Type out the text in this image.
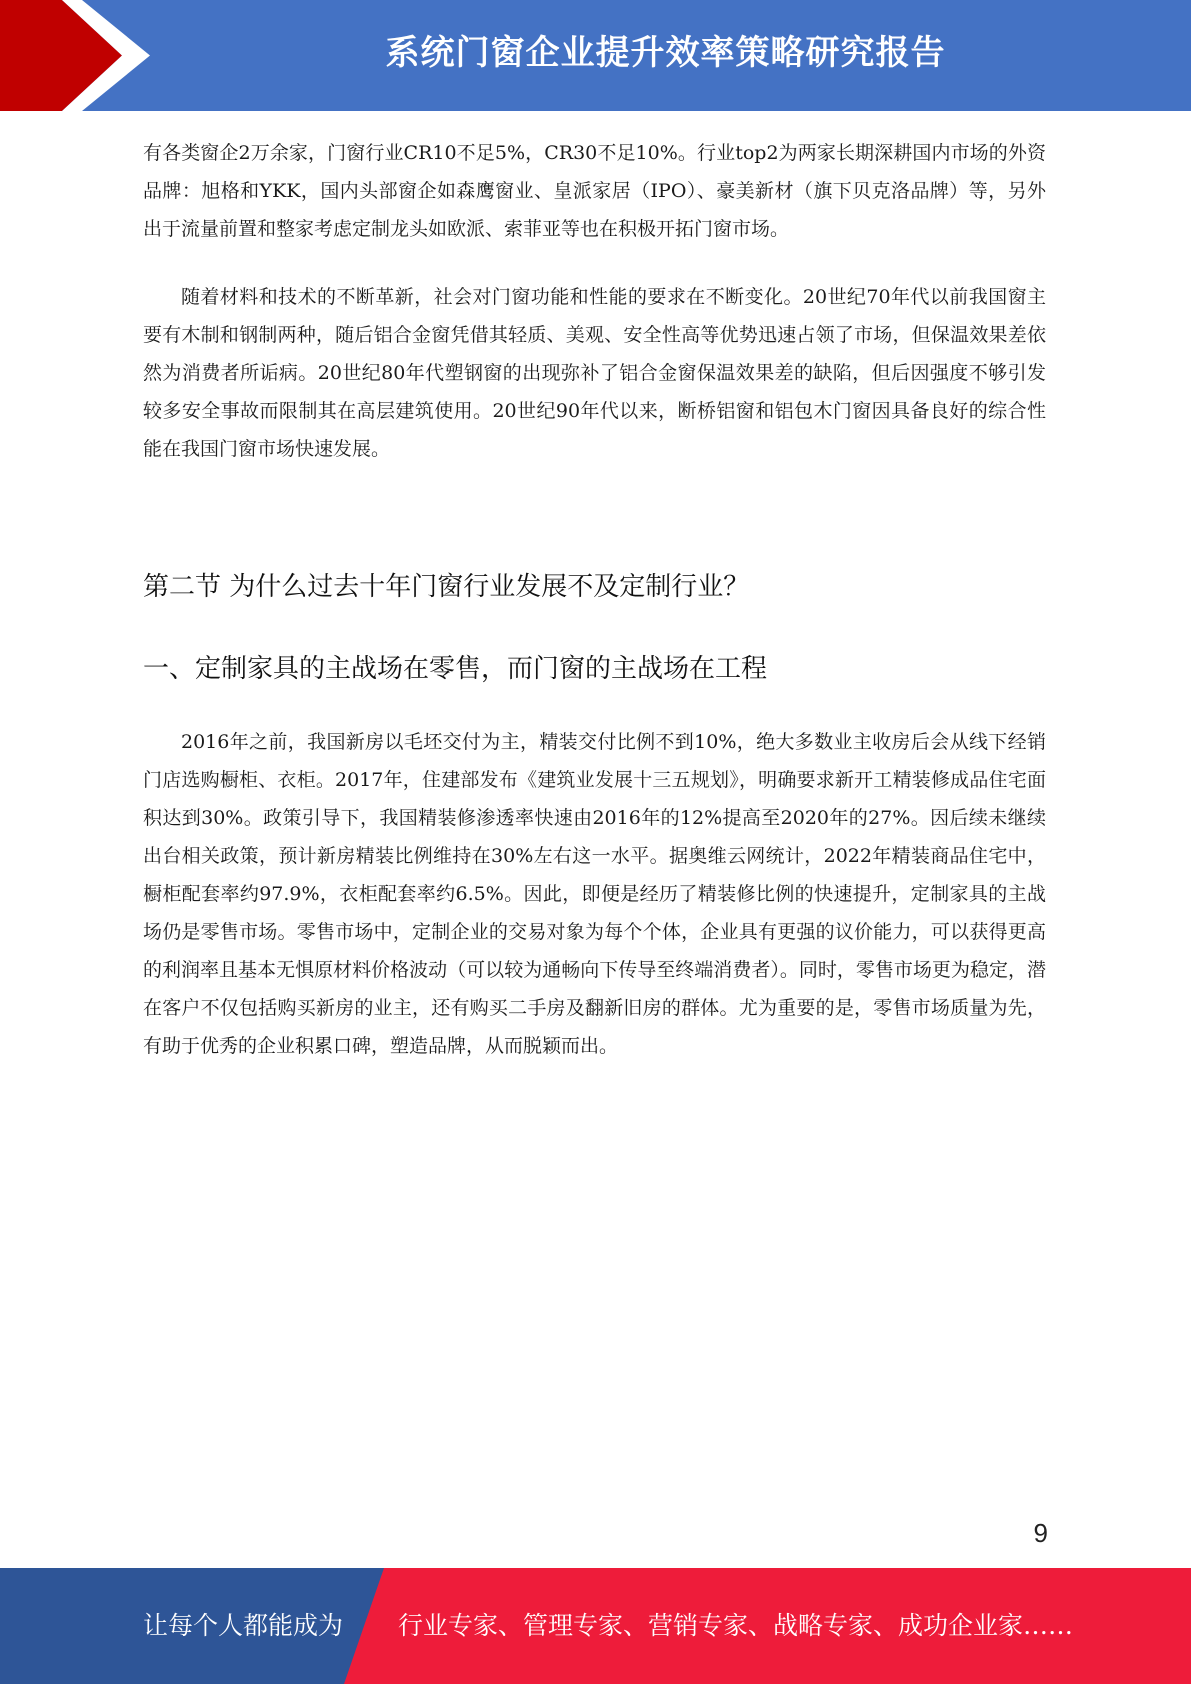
系统门窗企业提升效率策略研究报告

有各类窗企2万余家，门窗行业CR10不足5%，CR30不足10%。行业top2为两家长期深耕国内市场的外资品牌：旭格和YKK，国内头部窗企如森鹰窗业、皇派家居（IPO）、豪美新材（旗下贝克洛品牌）等，另外出于流量前置和整家考虑定制龙头如欧派、索菲亚等也在积极开拓门窗市场。

随着材料和技术的不断革新，社会对门窗功能和性能的要求在不断变化。20世纪70年代以前我国窗主要有木制和钢制两种，随后铝合金窗凭借其轻质、美观、安全性高等优势迅速占领了市场，但保温效果差依然为消费者所诟病。20世纪80年代塑钢窗的出现弥补了铝合金窗保温效果差的缺陷，但后因强度不够引发较多安全事故而限制其在高层建筑使用。20世纪90年代以来，断桥铝窗和铝包木门窗因具备良好的综合性能在我国门窗市场快速发展。

第二节 为什么过去十年门窗行业发展不及定制行业？
一、定制家具的主战场在零售，而门窗的主战场在工程

2016年之前，我国新房以毛坯交付为主，精装交付比例不到10%，绝大多数业主收房后会从线下经销门店选购橱柜、衣柜。2017年，住建部发布《建筑业发展十三五规划》，明确要求新开工精装修成品住宅面积达到30%。政策引导下，我国精装修渗透率快速由2016年的12%提高至2020年的27%。因后续未继续出台相关政策，预计新房精装比例维持在30%左右这一水平。据奥维云网统计，2022年精装商品住宅中，橱柜配套率约97.9%，衣柜配套率约6.5%。因此，即便是经历了精装修比例的快速提升，定制家具的主战场仍是零售市场。零售市场中，定制企业的交易对象为每个个体，企业具有更强的议价能力，可以获得更高的利润率且基本无惧原材料价格波动（可以较为通畅向下传导至终端消费者）。同时，零售市场更为稳定，潜在客户不仅包括购买新房的业主，还有购买二手房及翻新旧房的群体。尤为重要的是，零售市场质量为先，有助于优秀的企业积累口碑，塑造品牌，从而脱颖而出。

9
让每个人都能成为 行业专家、管理专家、营销专家、战略专家、成功企业家……
